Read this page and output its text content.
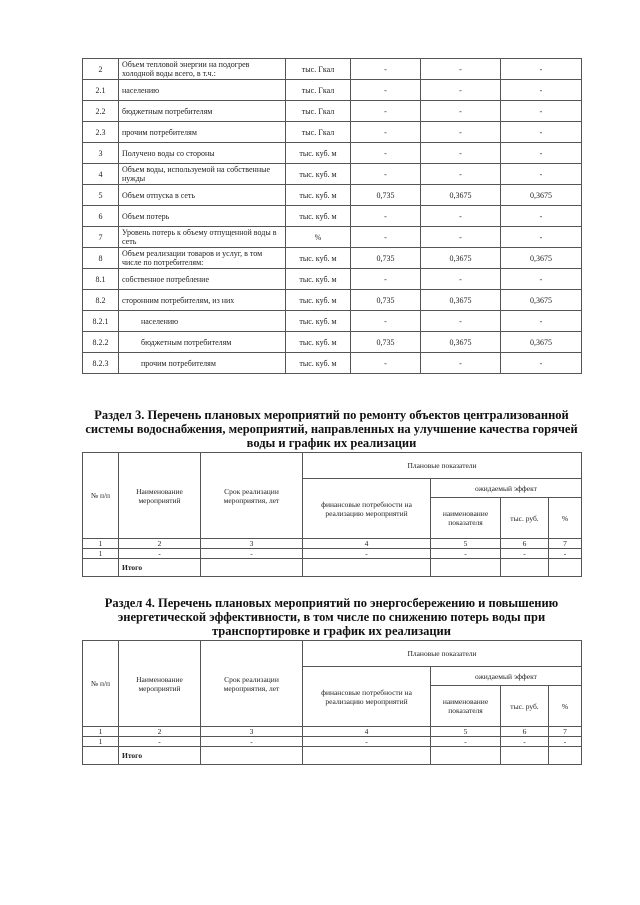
2	Объем тепловой энергии на подогрев холодной воды всего, в т.ч.:	тыс. Гкал	-	-	-
2.1	населению	тыс. Гкал	-	-	-
2.2	бюджетным потребителям	тыс. Гкал	-	-	-
2.3	прочим потребителям	тыс. Гкал	-	-	-
3	Получено воды со стороны	тыс. куб. м	-	-	-
4	Объем воды, используемой на собственные нужды	тыс. куб. м	-	-	-
5	Объем отпуска в сеть	тыс. куб. м	0,735	0,3675	0,3675
6	Объем потерь	тыс. куб. м	-	-	-
7	Уровень потерь к объему отпущенной воды в сеть	%	-	-	-
8	Объем реализации товаров и услуг, в том числе по потребителям:	тыс. куб. м	0,735	0,3675	0,3675
8.1	собственное потребление	тыс. куб. м	-	-	-
8.2	сторонним потребителям, из них	тыс. куб. м	0,735	0,3675	0,3675
8.2.1	населению	тыс. куб. м	-	-	-
8.2.2	бюджетным потребителям	тыс. куб. м	0,735	0,3675	0,3675
8.2.3	прочим потребителям	тыс. куб. м	-	-	-
Раздел 3. Перечень плановых мероприятий по ремонту объектов централизованной системы водоснабжения, мероприятий, направленных на улучшение качества горячей воды и график их реализации
№ п/п	Наименование мероприятий	Срок реализации мероприятия, лет	Плановые показатели			
			финансовые потребности на реализацию мероприятий	ожидаемый эффект		
				наименование показателя	тыс. руб.	%
1	2	3	4	5	6	7
1	-	-	-	-	-	-
	Итого					
Раздел 4. Перечень плановых мероприятий по энергосбережению и повышению энергетической эффективности, в том числе по снижению потерь воды при транспортировке и график их реализации
№ п/п	Наименование мероприятий	Срок реализации мероприятия, лет	Плановые показатели			
			финансовые потребности на реализацию мероприятий	ожидаемый эффект		
				наименование показателя	тыс. руб.	%
1	2	3	4	5	6	7
1	-	-	-	-	-	-
	Итого					
